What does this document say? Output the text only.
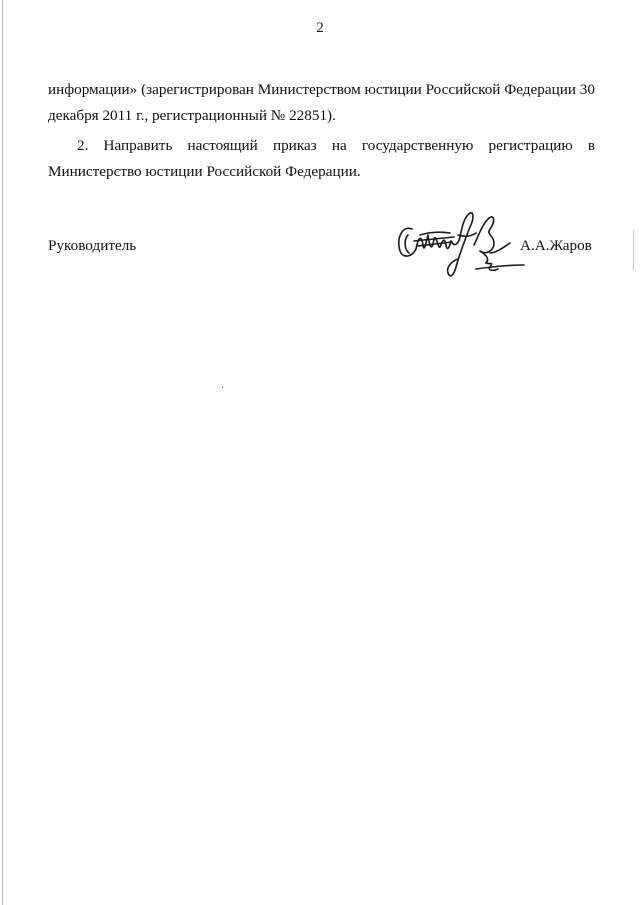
2

информации» (зарегистрирован Министерством юстиции Российской Федерации 30 декабря 2011 г., регистрационный № 22851).

2. Направить настоящий приказ на государственную регистрацию в Министерство юстиции Российской Федерации.

Руководитель	А.А.Жаров
